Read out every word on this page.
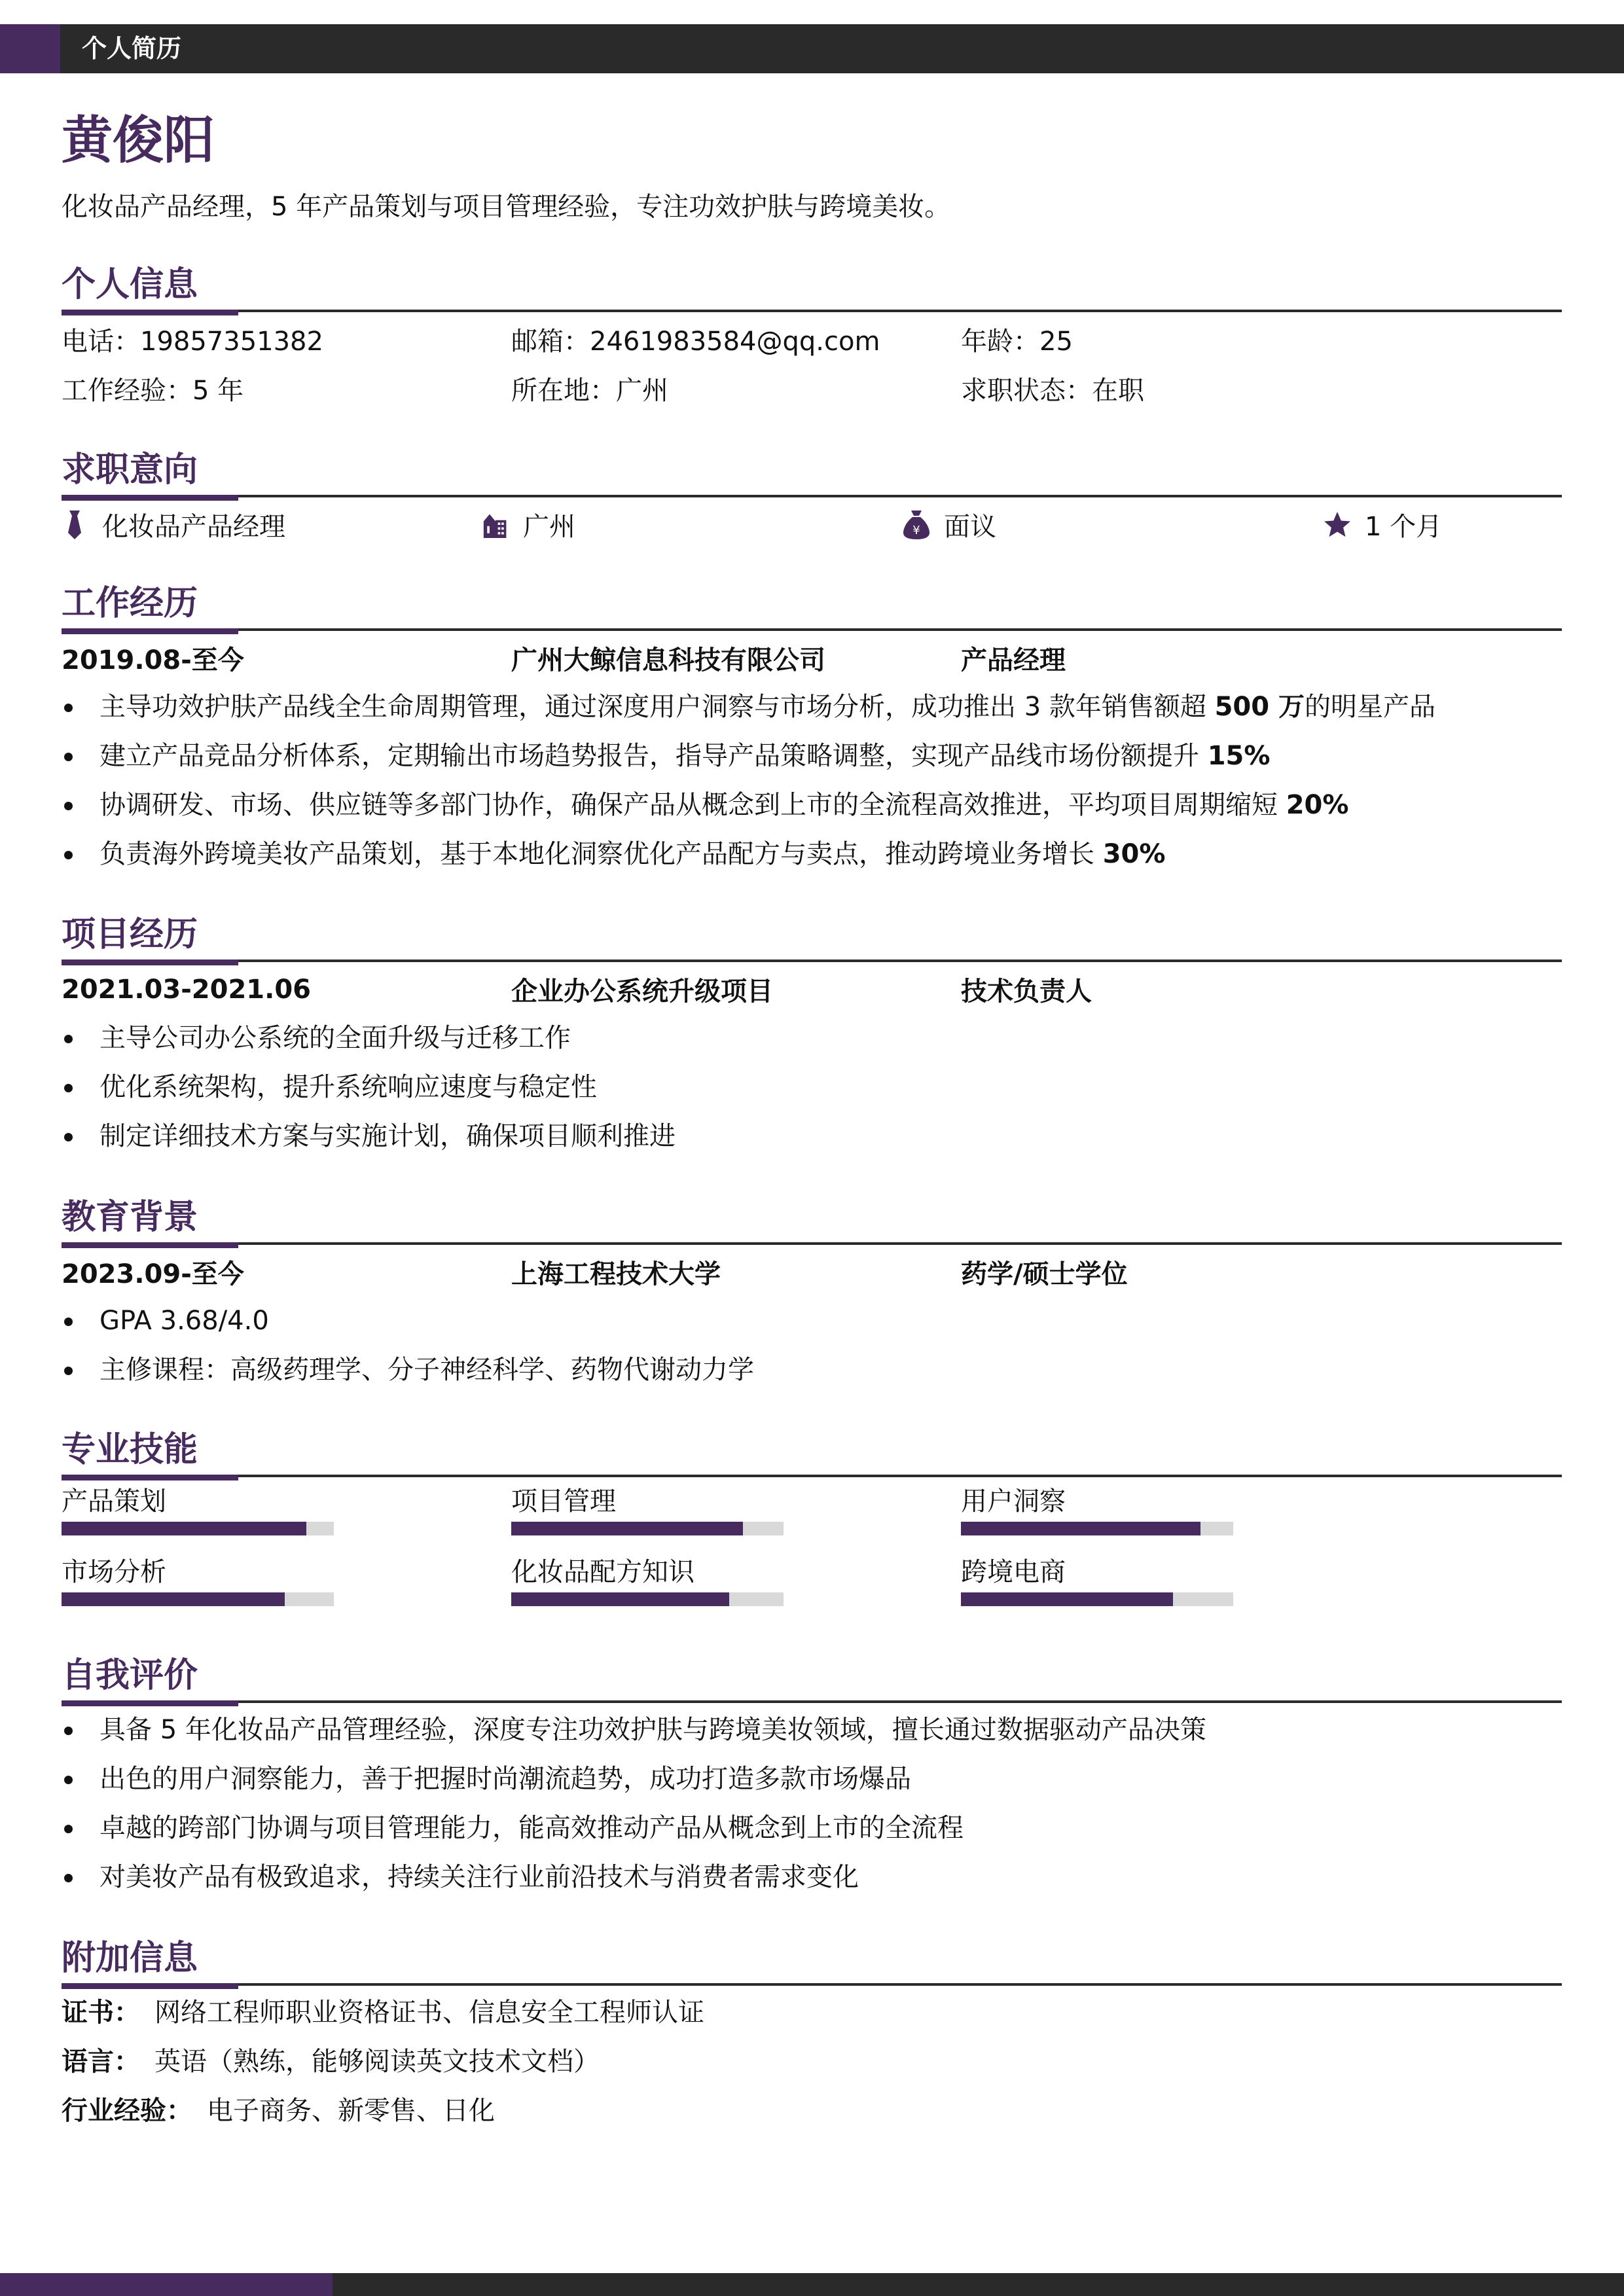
个人简历
黄俊阳
化妆品产品经理，5 年产品策划与项目管理经验，专注功效护肤与跨境美妆。
个人信息
电话：19857351382	邮箱：2461983584@qq.com	年龄：25
工作经验：5 年	所在地：广州	求职状态：在职
求职意向
化妆品产品经理	广州	¥ 面议	1 个月
工作经历
2019.08-至今	广州大鲸信息科技有限公司	产品经理
主导功效护肤产品线全生命周期管理，通过深度用户洞察与市场分析，成功推出 3 款年销售额超 500 万的明星产品
建立产品竞品分析体系，定期输出市场趋势报告，指导产品策略调整，实现产品线市场份额提升 15%
协调研发、市场、供应链等多部门协作，确保产品从概念到上市的全流程高效推进，平均项目周期缩短 20%
负责海外跨境美妆产品策划，基于本地化洞察优化产品配方与卖点，推动跨境业务增长 30%
项目经历
2021.03-2021.06	企业办公系统升级项目	技术负责人
主导公司办公系统的全面升级与迁移工作
优化系统架构，提升系统响应速度与稳定性
制定详细技术方案与实施计划，确保项目顺利推进
教育背景
2023.09-至今	上海工程技术大学	药学/硕士学位
GPA 3.68/4.0
主修课程：高级药理学、分子神经科学、药物代谢动力学
专业技能
产品策划	项目管理	用户洞察
市场分析	化妆品配方知识	跨境电商
自我评价
具备 5 年化妆品产品管理经验，深度专注功效护肤与跨境美妆领域，擅长通过数据驱动产品决策
出色的用户洞察能力，善于把握时尚潮流趋势，成功打造多款市场爆品
卓越的跨部门协调与项目管理能力，能高效推动产品从概念到上市的全流程
对美妆产品有极致追求，持续关注行业前沿技术与消费者需求变化
附加信息
证书： 网络工程师职业资格证书、信息安全工程师认证
语言： 英语（熟练，能够阅读英文技术文档）
行业经验： 电子商务、新零售、日化
